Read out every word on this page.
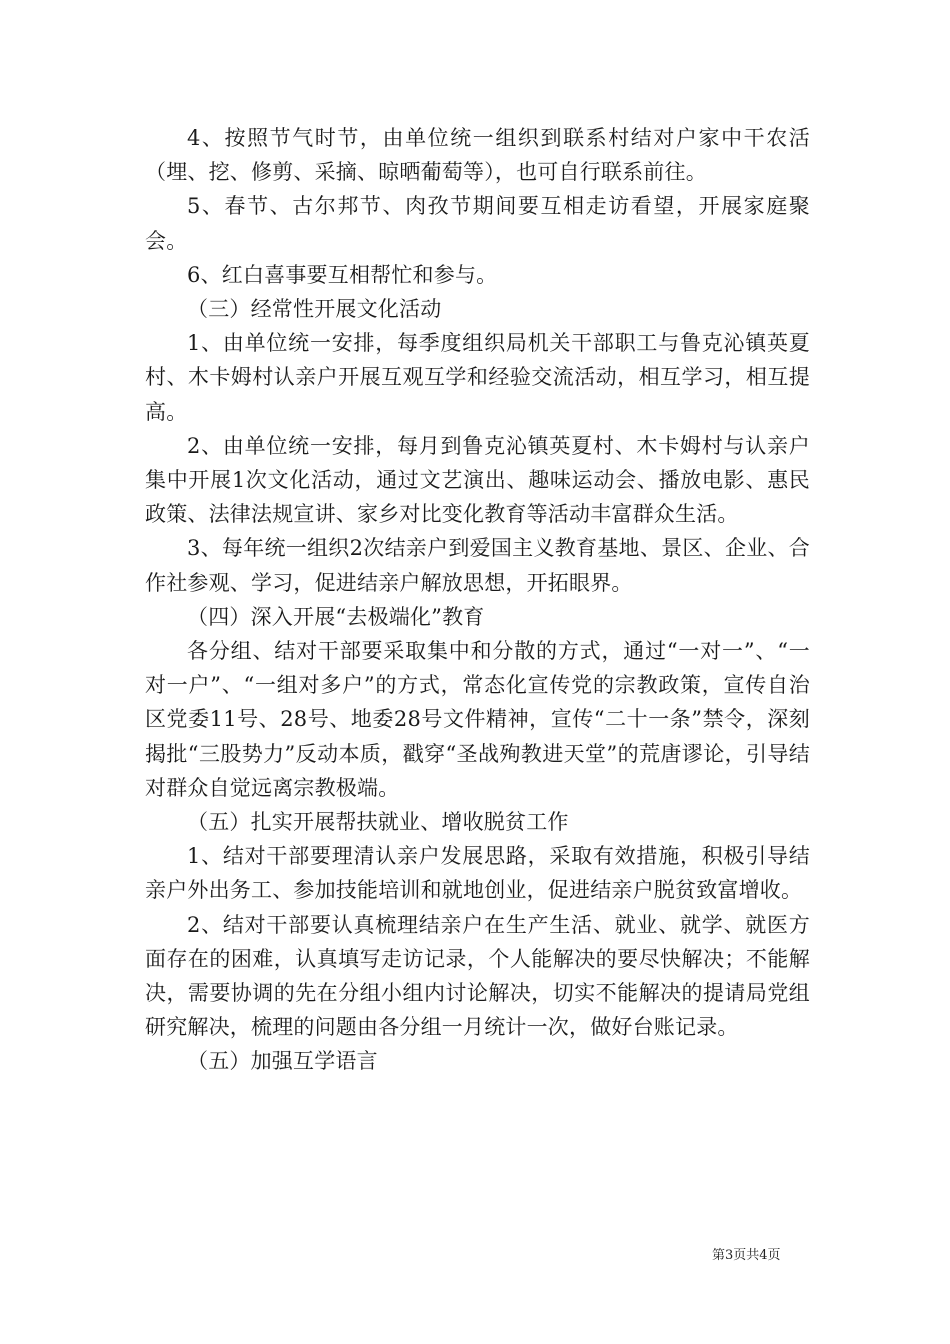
4、按照节气时节，由单位统一组织到联系村结对户家中干农活（埋、挖、修剪、采摘、晾晒葡萄等），也可自行联系前往。

5、春节、古尔邦节、肉孜节期间要互相走访看望，开展家庭聚会。

6、红白喜事要互相帮忙和参与。

（三）经常性开展文化活动

1、由单位统一安排，每季度组织局机关干部职工与鲁克沁镇英夏村、木卡姆村认亲户开展互观互学和经验交流活动，相互学习，相互提高。

2、由单位统一安排，每月到鲁克沁镇英夏村、木卡姆村与认亲户集中开展1次文化活动，通过文艺演出、趣味运动会、播放电影、惠民政策、法律法规宣讲、家乡对比变化教育等活动丰富群众生活。

3、每年统一组织2次结亲户到爱国主义教育基地、景区、企业、合作社参观、学习，促进结亲户解放思想，开拓眼界。

（四）深入开展“去极端化”教育

各分组、结对干部要采取集中和分散的方式，通过“一对一”、“一对一户”、“一组对多户”的方式，常态化宣传党的宗教政策，宣传自治区党委11号、28号、地委28号文件精神，宣传“二十一条”禁令，深刻揭批“三股势力”反动本质，戳穿“圣战殉教进天堂”的荒唐谬论，引导结对群众自觉远离宗教极端。

（五）扎实开展帮扶就业、增收脱贫工作

1、结对干部要理清认亲户发展思路，采取有效措施，积极引导结亲户外出务工、参加技能培训和就地创业，促进结亲户脱贫致富增收。

2、结对干部要认真梳理结亲户在生产生活、就业、就学、就医方面存在的困难，认真填写走访记录，个人能解决的要尽快解决；不能解决，需要协调的先在分组小组内讨论解决，切实不能解决的提请局党组研究解决，梳理的问题由各分组一月统计一次，做好台账记录。

（五）加强互学语言

第3页共4页
